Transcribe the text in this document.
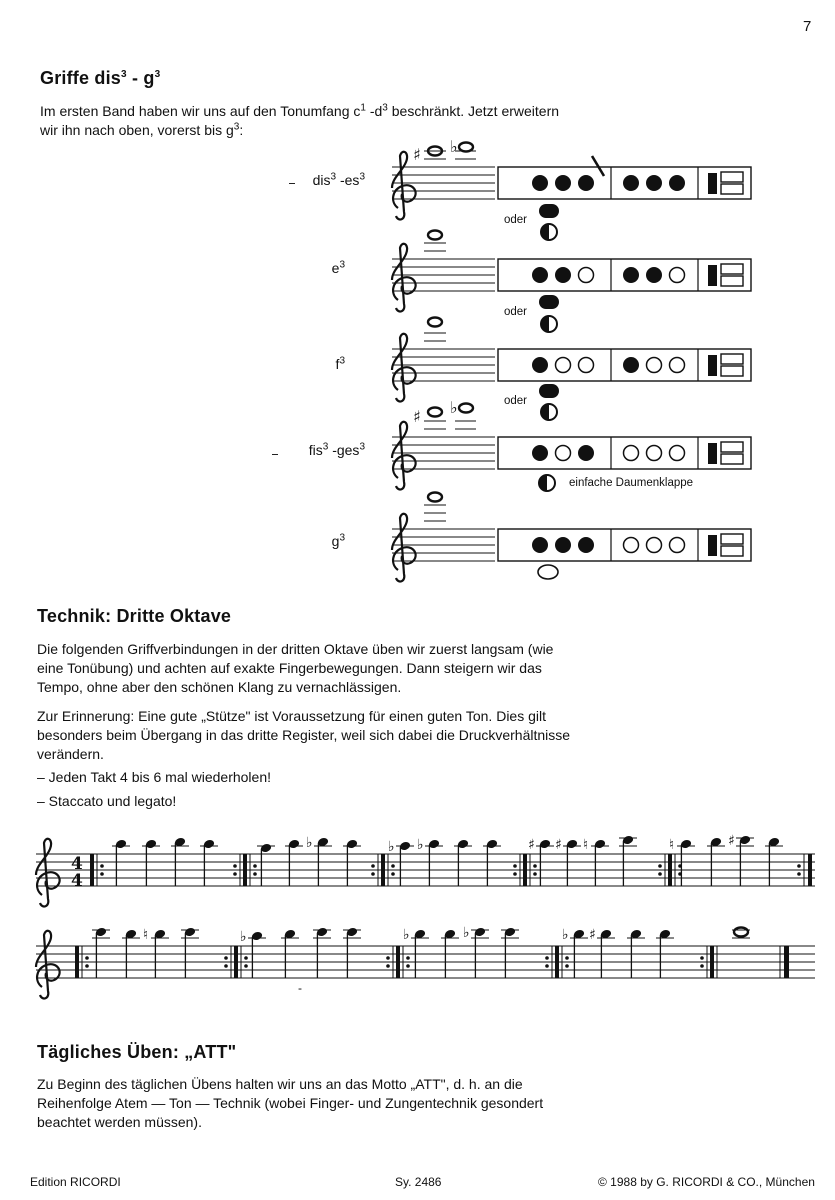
7
Griffe $dis^3 - g^3$

Im ersten Band haben wir uns auf den Tonumfang $c^1$ $-d^3$ beschränkt. Jetzt erweitern
wir ihn nach oben, vorerst bis $g^3$:

dis$^3$ $-es^3$
$e^3$
$f^3$
fis$^3$ -ges$^3$
$g^3$
oder
oder
oder
einfache Daumenklappe
♯ ♭
♯ ♭
Technik: Dritte Oktave

Die folgenden Griffverbindungen in der dritten Oktave üben wir zuerst langsam (wie
eine Tonübung) und achten auf exakte Fingerbewegungen. Dann steigern wir das
Tempo, ohne aber den schönen Klang zu vernachlässigen.

Zur Erinnerung: Eine gute „Stütze" ist Voraussetzung für einen guten Ton. Dies gilt
besonders beim Übergang in das dritte Register, weil sich dabei die Druckverhältnisse
verändern.

– Jeden Takt 4 bis 6 mal wiederholen!

– Staccato und legato!

4
4
♭	♭ ♭	♯ ♯ ♮	♮	♯
♮	♭	♭	♭	♭ ♯
-
Tägliches Üben: „ATT"

Zu Beginn des täglichen Übens halten wir uns an das Motto „ATT", d. h. an die
Reihenfolge Atem — Ton — Technik (wobei Finger- und Zungentechnik gesondert
beachtet werden müssen).

Edition RICORDI	Sy. 2486	© 1988 by G. RICORDI & CO., München
